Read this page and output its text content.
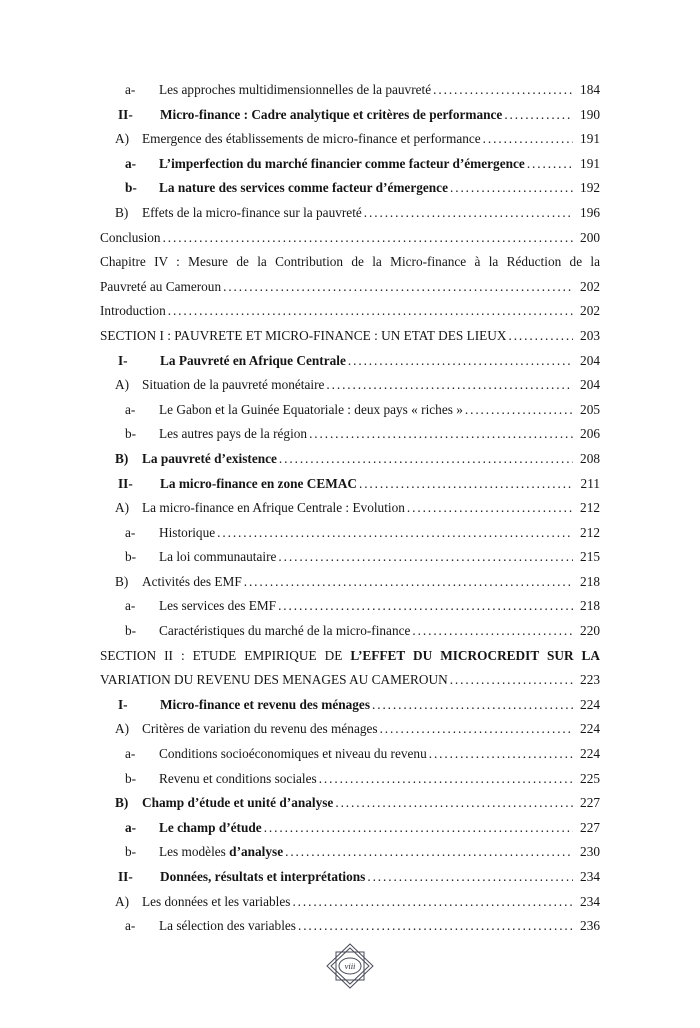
a-	Les approches multidimensionnelles de la pauvreté .....	184
II-	Micro-finance : Cadre analytique et critères de performance .....	190
A) Emergence des établissements de micro-finance et performance .....	191
a-	L’imperfection du marché financier comme facteur d’émergence .....	191
b-	La nature des services comme facteur d’émergence .....	192
B)	Effets de la micro-finance sur la pauvreté .....	196
Conclusion .....	200
Chapitre IV : Mesure de la Contribution de la Micro-finance à la Réduction de la
Pauvreté au Cameroun .....	202
Introduction .....	202
SECTION I : PAUVRETE ET MICRO-FINANCE : UN ETAT DES LIEUX .....	203
I-	La Pauvreté en Afrique Centrale .....	204
A) Situation de la pauvreté monétaire .....	204
a-	Le Gabon et la Guinée Equatoriale : deux pays « riches » .....	205
b-	Les autres pays de la région .....	206
B)	La pauvreté d’existence .....	208
II-	La micro-finance en zone CEMAC .....	211
A) La micro-finance en Afrique Centrale : Evolution .....	212
a-	Historique .....	212
b-	La loi communautaire .....	215
B)	Activités des EMF .....	218
a-	Les services des EMF .....	218
b-	Caractéristiques du marché de la micro-finance .....	220
SECTION II : ETUDE EMPIRIQUE DE L’EFFET DU MICROCREDIT SUR LA
VARIATION DU REVENU DES MENAGES AU CAMEROUN .....	223
I-	Micro-finance et revenu des ménages .....	224
A) Critères de variation du revenu des ménages .....	224
a-	Conditions socioéconomiques et niveau du revenu .....	224
b-	Revenu et conditions sociales .....	225
B)	Champ d’étude et unité d’analyse .....	227
a-	Le champ d’étude .....	227
b-	Les modèles d’analyse .....	230
II-	Données, résultats et interprétations .....	234
A) Les données et les variables .....	234
a-	La sélection des variables .....	236
viii
